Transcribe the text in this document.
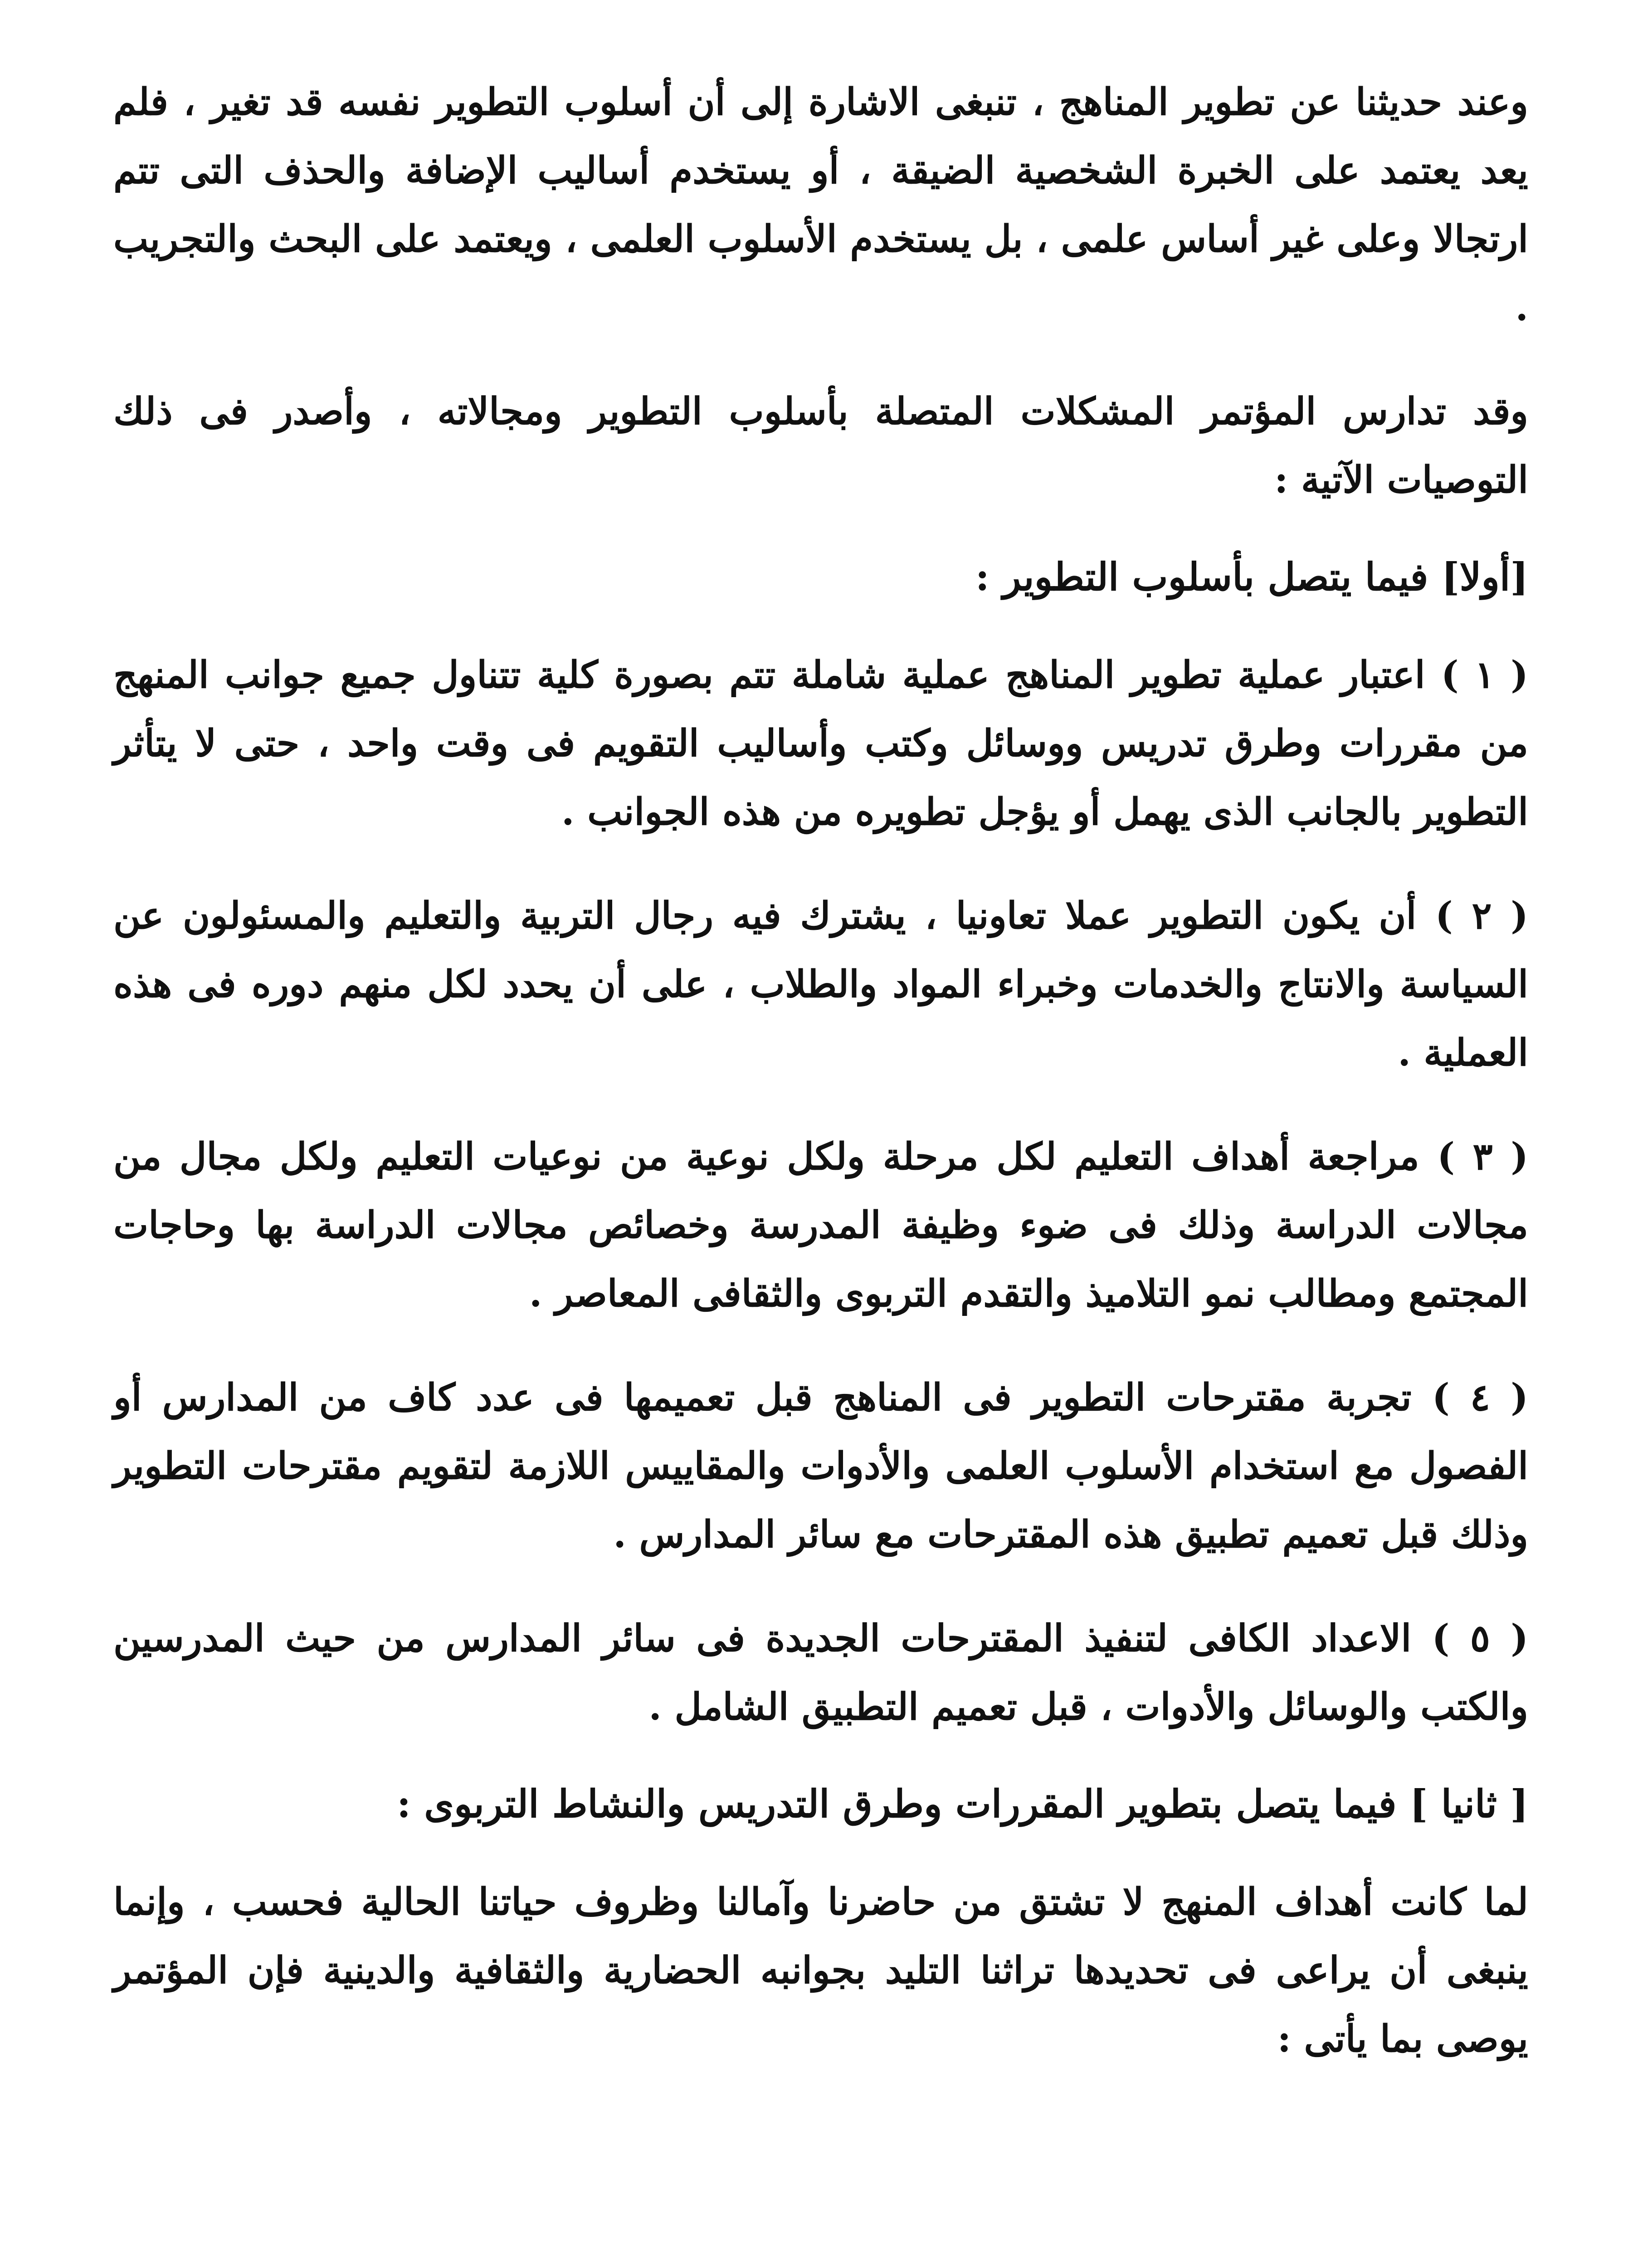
وعند حديثنا عن تطوير المناهج ، تنبغى الاشارة إلى أن أسلوب التطوير نفسه قد تغير ، فلم يعد يعتمد على الخبرة الشخصية الضيقة ، أو يستخدم أساليب الإضافة والحذف التى تتم ارتجالا وعلى غير أساس علمى ، بل يستخدم الأسلوب العلمى ، ويعتمد على البحث والتجريب .

وقد تدارس المؤتمر المشكلات المتصلة بأسلوب التطوير ومجالاته ، وأصدر فى ذلك التوصيات الآتية :

[أولا] فيما يتصل بأسلوب التطوير :

( ١ ) اعتبار عملية تطوير المناهج عملية شاملة تتم بصورة كلية تتناول جميع جوانب المنهج من مقررات وطرق تدريس ووسائل وكتب وأساليب التقويم فى وقت واحد ، حتى لا يتأثر التطوير بالجانب الذى يهمل أو يؤجل تطويره من هذه الجوانب .

( ٢ ) أن يكون التطوير عملا تعاونيا ، يشترك فيه رجال التربية والتعليم والمسئولون عن السياسة والانتاج والخدمات وخبراء المواد والطلاب ، على أن يحدد لكل منهم دوره فى هذه العملية .

( ٣ ) مراجعة أهداف التعليم لكل مرحلة ولكل نوعية من نوعيات التعليم ولكل مجال من مجالات الدراسة وذلك فى ضوء وظيفة المدرسة وخصائص مجالات الدراسة بها وحاجات المجتمع ومطالب نمو التلاميذ والتقدم التربوى والثقافى المعاصر .

( ٤ ) تجربة مقترحات التطوير فى المناهج قبل تعميمها فى عدد كاف من المدارس أو الفصول مع استخدام الأسلوب العلمى والأدوات والمقاييس اللازمة لتقويم مقترحات التطوير وذلك قبل تعميم تطبيق هذه المقترحات مع سائر المدارس .

( ٥ ) الاعداد الكافى لتنفيذ المقترحات الجديدة فى سائر المدارس من حيث المدرسين والكتب والوسائل والأدوات ، قبل تعميم التطبيق الشامل .

[ ثانيا ] فيما يتصل بتطوير المقررات وطرق التدريس والنشاط التربوى :

لما كانت أهداف المنهج لا تشتق من حاضرنا وآمالنا وظروف حياتنا الحالية فحسب ، وإنما ينبغى أن يراعى فى تحديدها تراثنا التليد بجوانبه الحضارية والثقافية والدينية فإن المؤتمر يوصى بما يأتى :
